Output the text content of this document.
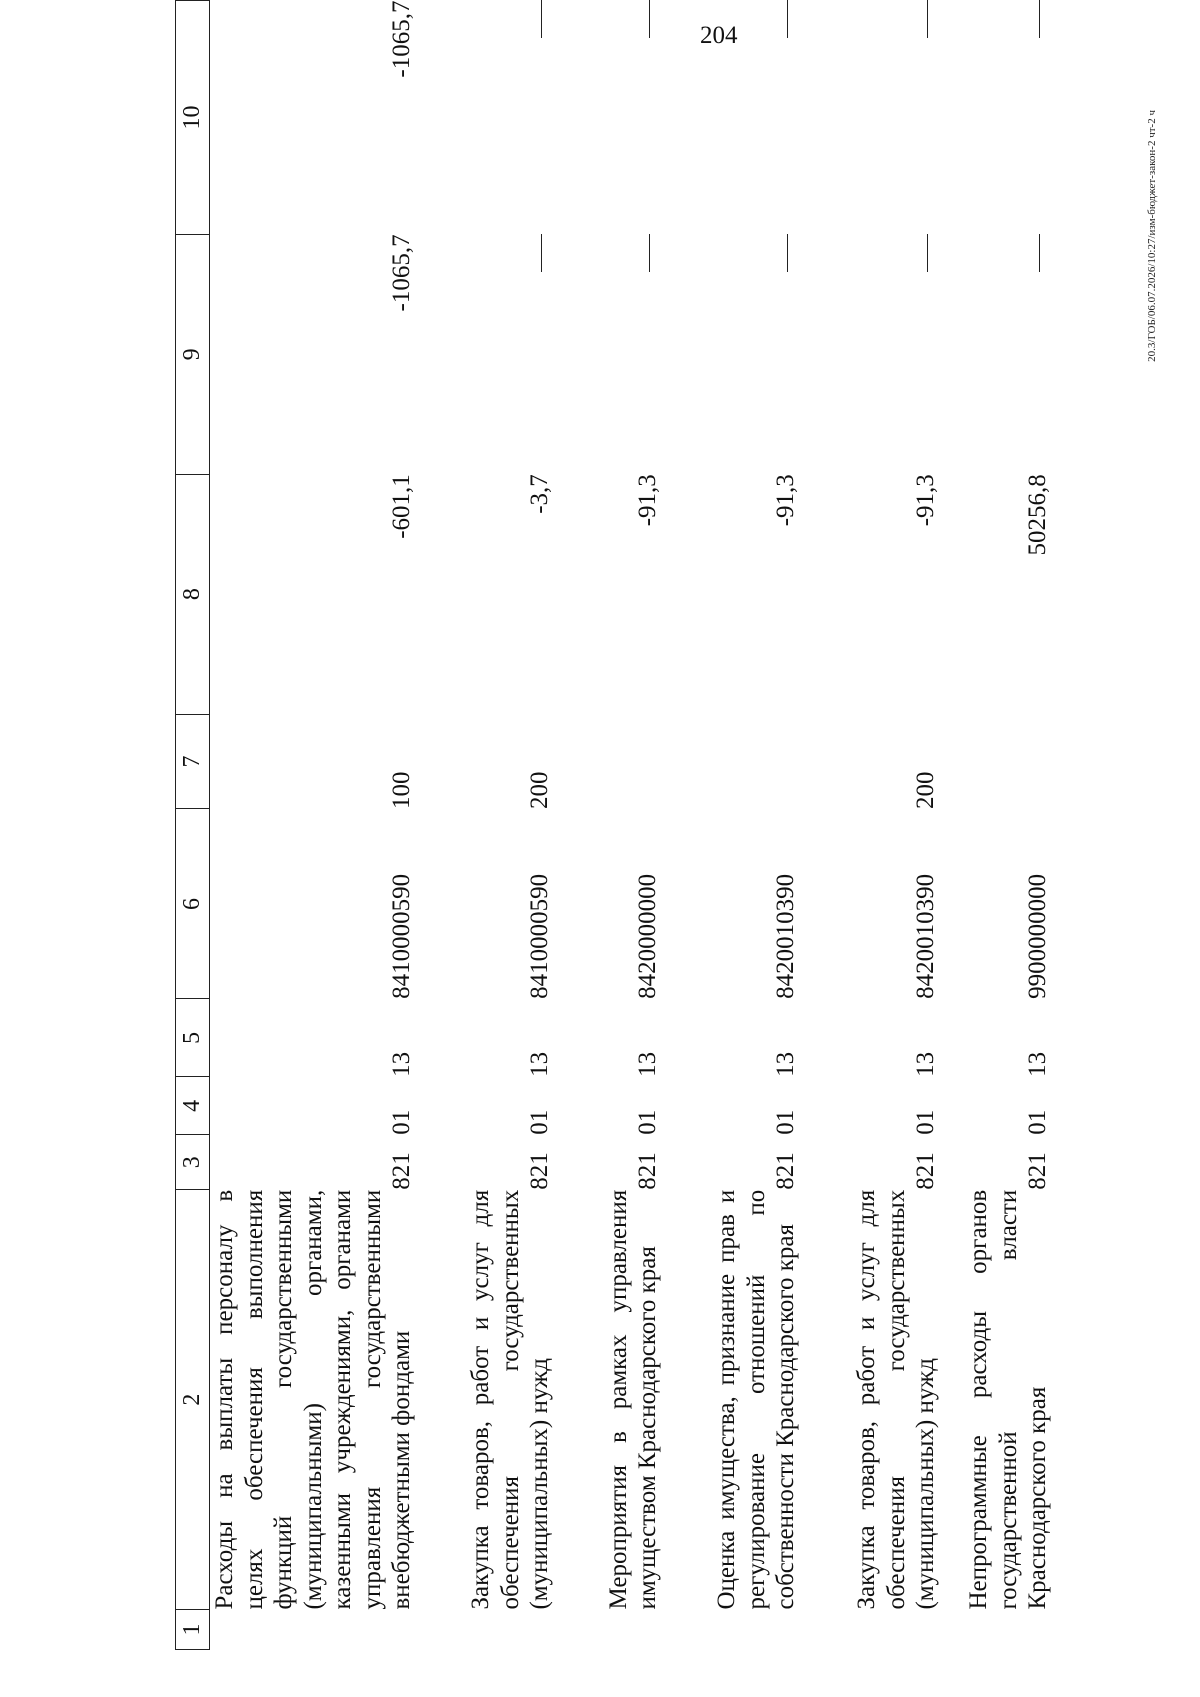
204
20.3/ГОБ/06.07.2026/10:27/изм-бюджет-закон-2 чт-2 ч
1	2	3	4	5	6	7	8	9	10

	Расходы на выплаты персоналу в целях обеспечения выполнения функций государственными (муниципальными) органами, казенными учреждениями, органами управления государственными внебюджетными фондами	821	01	13	8410000590	100	-601,1	-1065,7	-1065,7

	Закупка товаров, работ и услуг для обеспечения государственных (муниципальных) нужд	821	01	13	8410000590	200	-3,7		

	Мероприятия в рамках управления имуществом Краснодарского края	821	01	13	8420000000		-91,3		

	Оценка имущества, признание прав и регулирование отношений по собственности Краснодарского края	821	01	13	8420010390		-91,3		

	Закупка товаров, работ и услуг для обеспечения государственных (муниципальных) нужд	821	01	13	8420010390	200	-91,3		

	Непрограммные расходы органов государственной власти Краснодарского края	821	01	13	9900000000		50256,8		
